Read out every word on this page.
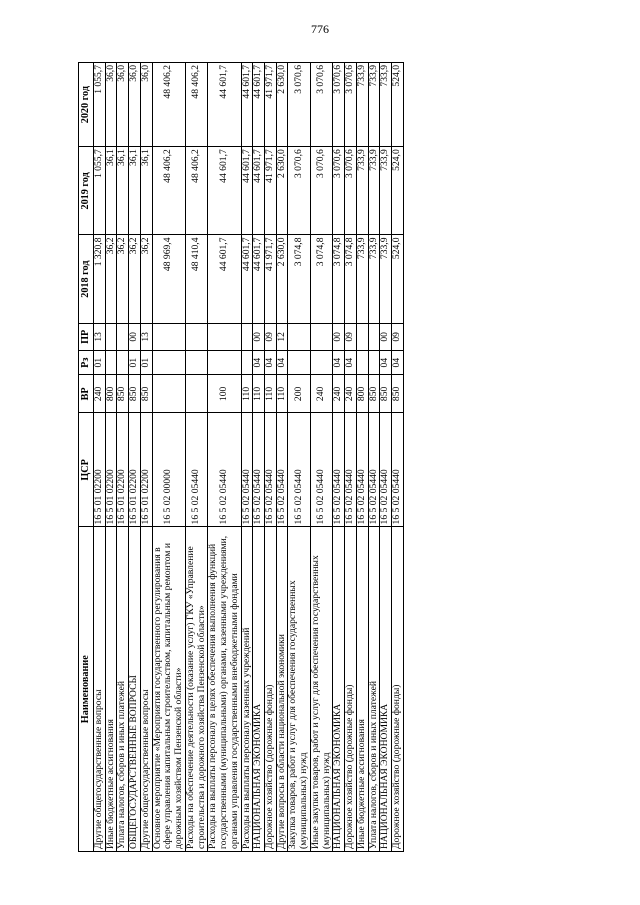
776
Наименование	ЦСР	ВР	Рз	ПР	2018 год	2019 год	2020 год
Другие общегосударственные вопросы	16 5 01 02200	240	01	13	1 320,8	1 055,7	1 055,7
Иные бюджетные ассигнования	16 5 01 02200	800			36,2	36,1	36,0
Уплата налогов, сборов и иных платежей	16 5 01 02200	850			36,2	36,1	36,0
ОБЩЕГОСУДАРСТВЕННЫЕ ВОПРОСЫ	16 5 01 02200	850	01	00	36,2	36,1	36,0
Другие общегосударственные вопросы	16 5 01 02200	850	01	13	36,2	36,1	36,0
Основное мероприятие «Мероприятия государственного регулирования в сфере управления капитальным строительством, капитальным ремонтом и дорожным хозяйством Пензенской области»	16 5 02 00000				48 969,4	48 406,2	48 406,2
Расходы на обеспечение деятельности (оказание услуг) ГКУ «Управление строительства и дорожного хозяйства Пензенской области»	16 5 02 05440				48 410,4	48 406,2	48 406,2
Расходы на выплаты персоналу в целях обеспечения выполнения функций государственными (муниципальными) органами, казенными учреждениями, органами управления государственными внебюджетными фондами	16 5 02 05440	100			44 601,7	44 601,7	44 601,7
Расходы на выплаты персоналу казенных учреждений	16 5 02 05440	110			44 601,7	44 601,7	44 601,7
НАЦИОНАЛЬНАЯ ЭКОНОМИКА	16 5 02 05440	110	04	00	44 601,7	44 601,7	44 601,7
Дорожное хозяйство (дорожные фонды)	16 5 02 05440	110	04	09	41 971,7	41 971,7	41 971,7
Другие вопросы в области национальной экономики	16 5 02 05440	110	04	12	2 630,0	2 630,0	2 630,0
Закупка товаров, работ и услуг для обеспечения государственных (муниципальных) нужд	16 5 02 05440	200			3 074,8	3 070,6	3 070,6
Иные закупки товаров, работ и услуг для обеспечения государственных (муниципальных) нужд	16 5 02 05440	240			3 074,8	3 070,6	3 070,6
НАЦИОНАЛЬНАЯ ЭКОНОМИКА	16 5 02 05440	240	04	00	3 074,8	3 070,6	3 070,6
Дорожное хозяйство (дорожные фонды)	16 5 02 05440	240	04	09	3 074,8	3 070,6	3 070,6
Иные бюджетные ассигнования	16 5 02 05440	800			733,9	733,9	733,9
Уплата налогов, сборов и иных платежей	16 5 02 05440	850			733,9	733,9	733,9
НАЦИОНАЛЬНАЯ ЭКОНОМИКА	16 5 02 05440	850	04	00	733,9	733,9	733,9
Дорожное хозяйство (дорожные фонды)	16 5 02 05440	850	04	09	524,0	524,0	524,0
